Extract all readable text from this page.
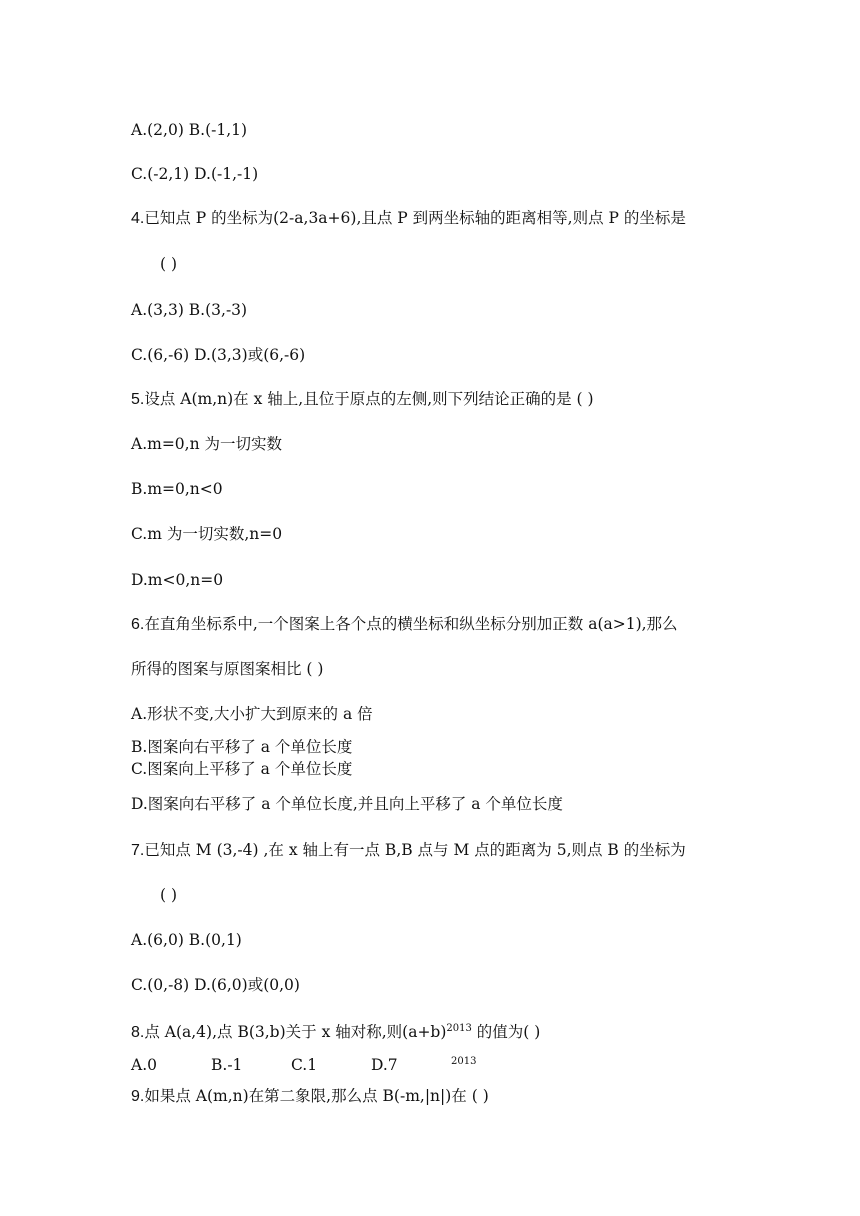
A.(2,0) B.(-1,1)
C.(-2,1) D.(-1,-1)
4.已知点 P 的坐标为(2-a,3a+6),且点 P 到两坐标轴的距离相等,则点 P 的坐标是
( )
A.(3,3) B.(3,-3)
C.(6,-6) D.(3,3)或(6,-6)
5.设点 A(m,n)在 x 轴上,且位于原点的左侧,则下列结论正确的是 ( )
A.m=0,n 为一切实数
B.m=0,n<0
C.m 为一切实数,n=0
D.m<0,n=0
6.在直角坐标系中,一个图案上各个点的横坐标和纵坐标分别加正数 a(a>1),那么
所得的图案与原图案相比 ( )
A.形状不变,大小扩大到原来的 a 倍
B.图案向右平移了 a 个单位长度
C.图案向上平移了 a 个单位长度
D.图案向右平移了 a 个单位长度,并且向上平移了 a 个单位长度
7.已知点 M (3,-4) ,在 x 轴上有一点 B,B 点与 M 点的距离为 5,则点 B 的坐标为
( )
A.(6,0) B.(0,1)
C.(0,-8) D.(6,0)或(0,0)
8.点 A(a,4),点 B(3,b)关于 x 轴对称,则$(a+b)^{2013}$ 的值为( )
A.0	B.-1	C.1	D.7	$^{2013}$
9.如果点 A(m,n)在第二象限,那么点 B(-m,|n|)在 ( )
